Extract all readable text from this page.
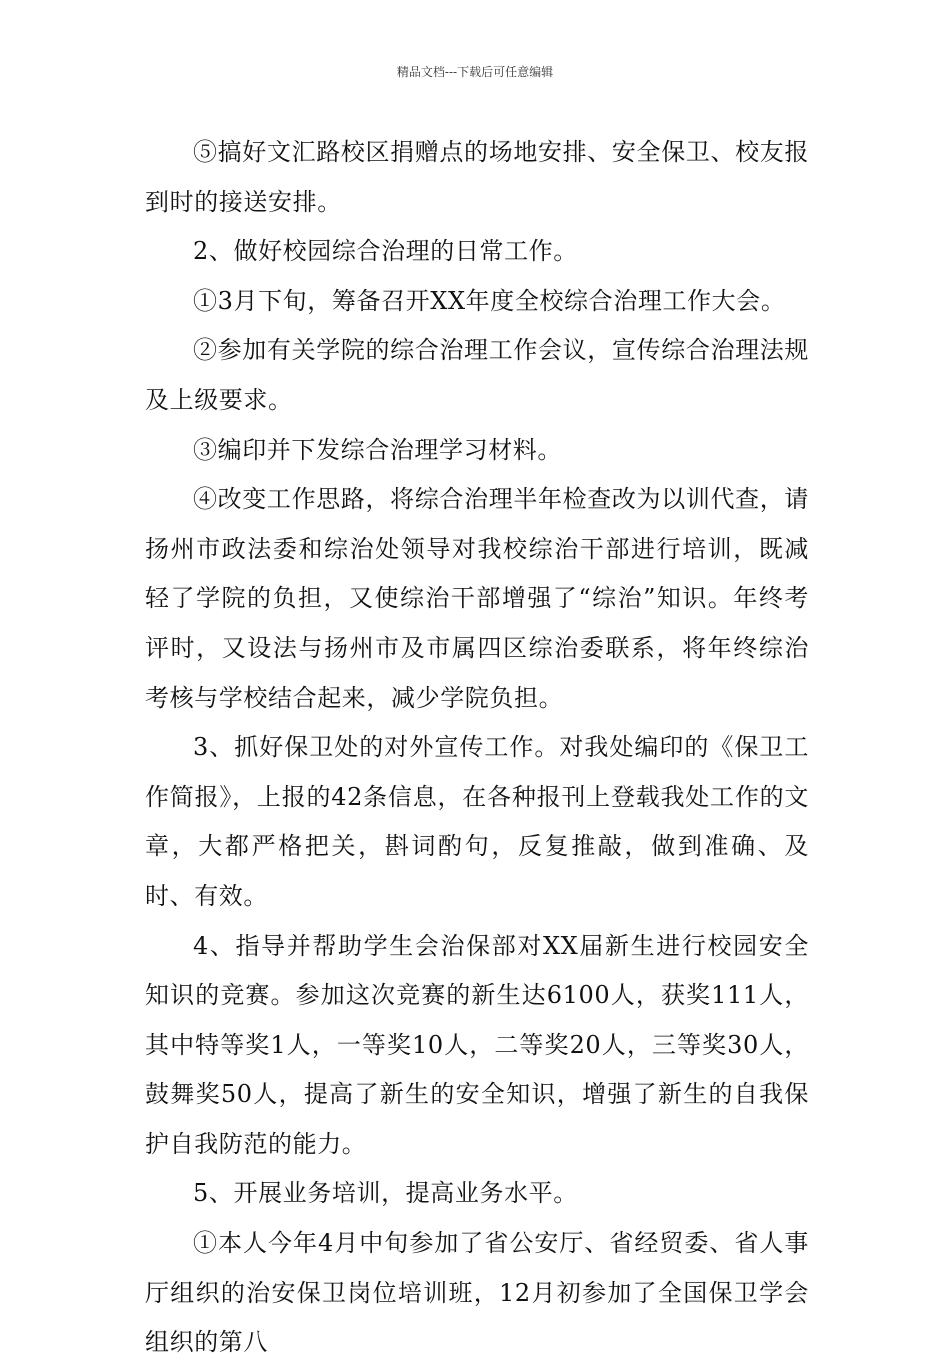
精品文档---下载后可任意编辑

⑤搞好文汇路校区捐赠点的场地安排、安全保卫、校友报到时的接送安排。

2、做好校园综合治理的日常工作。

①3月下旬，筹备召开XX年度全校综合治理工作大会。

②参加有关学院的综合治理工作会议，宣传综合治理法规及上级要求。

③编印并下发综合治理学习材料。

④改变工作思路，将综合治理半年检查改为以训代查，请扬州市政法委和综治处领导对我校综治干部进行培训，既减轻了学院的负担，又使综治干部增强了“综治”知识。年终考评时，又设法与扬州市及市属四区综治委联系，将年终综治考核与学校结合起来，减少学院负担。

3、抓好保卫处的对外宣传工作。对我处编印的《保卫工作简报》，上报的42条信息，在各种报刊上登载我处工作的文章，大都严格把关，斟词酌句，反复推敲，做到准确、及时、有效。

4、指导并帮助学生会治保部对XX届新生进行校园安全知识的竞赛。参加这次竞赛的新生达6100人，获奖111人，其中特等奖1人，一等奖10人，二等奖20人，三等奖30人，鼓舞奖50人，提高了新生的安全知识，增强了新生的自我保护自我防范的能力。

5、开展业务培训，提高业务水平。

①本人今年4月中旬参加了省公安厅、省经贸委、省人事厅组织的治安保卫岗位培训班，12月初参加了全国保卫学会组织的第八
